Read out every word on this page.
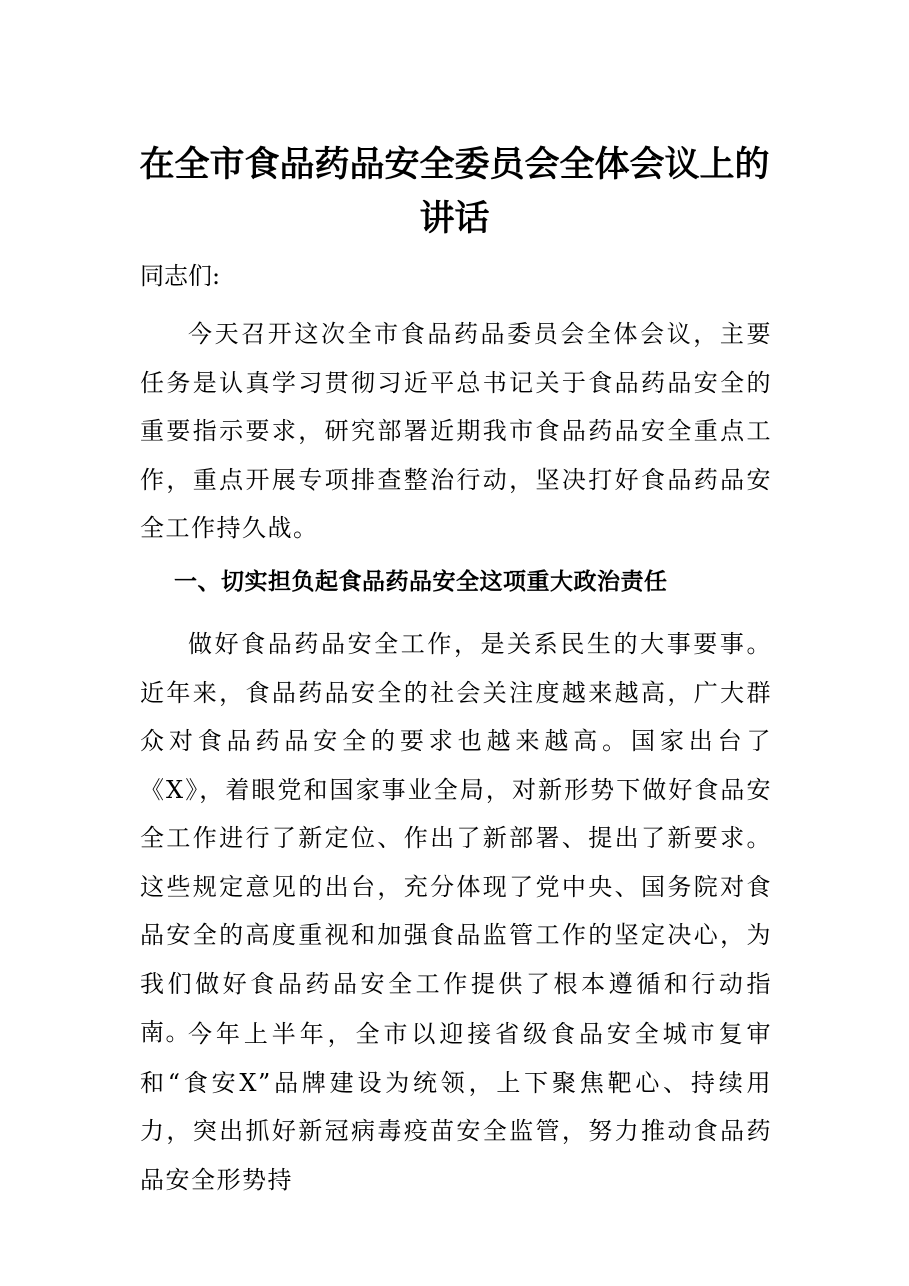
在全市食品药品安全委员会全体会议上的
讲话

同志们:

今天召开这次全市食品药品委员会全体会议，主要任务是认真学习贯彻习近平总书记关于食品药品安全的重要指示要求，研究部署近期我市食品药品安全重点工作，重点开展专项排查整治行动，坚决打好食品药品安全工作持久战。

一、切实担负起食品药品安全这项重大政治责任

做好食品药品安全工作，是关系民生的大事要事。近年来，食品药品安全的社会关注度越来越高，广大群众对食品药品安全的要求也越来越高。国家出台了《X》，着眼党和国家事业全局，对新形势下做好食品安全工作进行了新定位、作出了新部署、提出了新要求。这些规定意见的出台，充分体现了党中央、国务院对食品安全的高度重视和加强食品监管工作的坚定决心，为我们做好食品药品安全工作提供了根本遵循和行动指南。

今年上半年，全市以迎接省级食品安全城市复审和“食安X”品牌建设为统领，上下聚焦靶心、持续用力，突出抓好新冠病毒疫苗安全监管，努力推动食品药品安全形势持
